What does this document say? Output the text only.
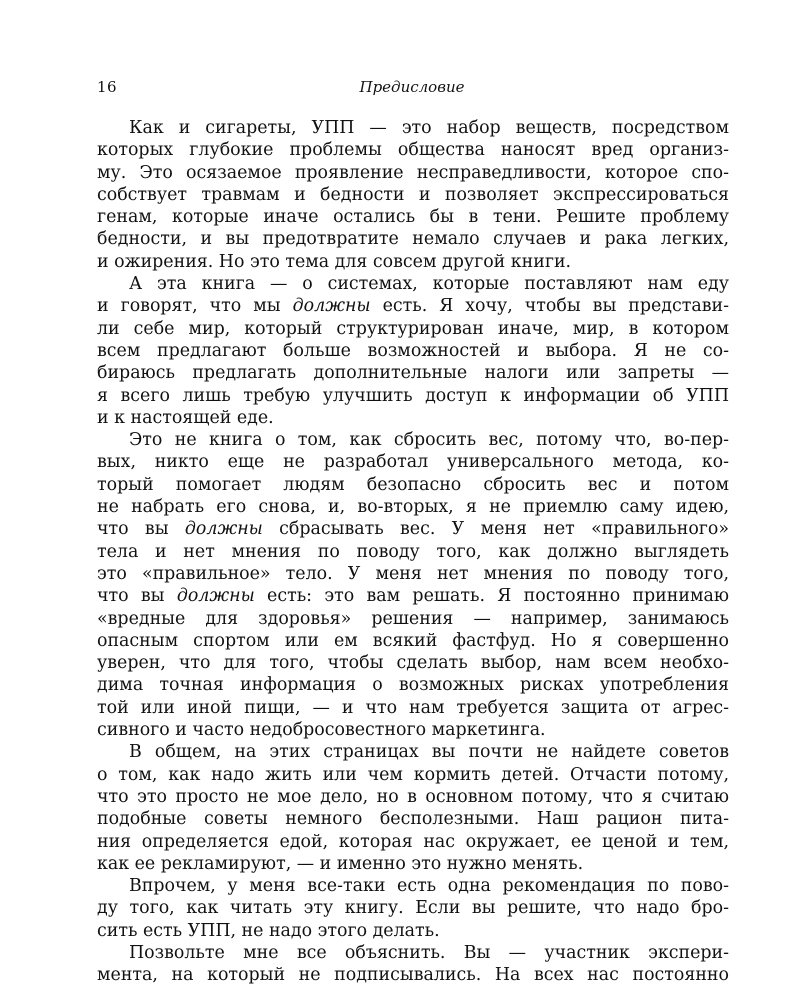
16	Предисловие
Как и сигареты, УПП — это набор веществ, посредством
которых глубокие проблемы общества наносят вред организ-
му. Это осязаемое проявление несправедливости, которое спо-
собствует травмам и бедности и позволяет экспрессироваться
генам, которые иначе остались бы в тени. Решите проблему
бедности, и вы предотвратите немало случаев и рака легких,
и ожирения. Но это тема для совсем другой книги.
А эта книга — о системах, которые поставляют нам еду
и говорят, что мы должны есть. Я хочу, чтобы вы представи-
ли себе мир, который структурирован иначе, мир, в котором
всем предлагают больше возможностей и выбора. Я не со-
бираюсь предлагать дополнительные налоги или запреты —
я всего лишь требую улучшить доступ к информации об УПП
и к настоящей еде.
Это не книга о том, как сбросить вес, потому что, во-пер-
вых, никто еще не разработал универсального метода, ко-
торый помогает людям безопасно сбросить вес и потом
не набрать его снова, и, во-вторых, я не приемлю саму идею,
что вы должны сбрасывать вес. У меня нет «правильного»
тела и нет мнения по поводу того, как должно выглядеть
это «правильное» тело. У меня нет мнения по поводу того,
что вы должны есть: это вам решать. Я постоянно принимаю
«вредные для здоровья» решения — например, занимаюсь
опасным спортом или ем всякий фастфуд. Но я совершенно
уверен, что для того, чтобы сделать выбор, нам всем необхо-
дима точная информация о возможных рисках употребления
той или иной пищи, — и что нам требуется защита от агрес-
сивного и часто недобросовестного маркетинга.
В общем, на этих страницах вы почти не найдете советов
о том, как надо жить или чем кормить детей. Отчасти потому,
что это просто не мое дело, но в основном потому, что я считаю
подобные советы немного бесполезными. Наш рацион пита-
ния определяется едой, которая нас окружает, ее ценой и тем,
как ее рекламируют, — и именно это нужно менять.
Впрочем, у меня все-таки есть одна рекомендация по пово-
ду того, как читать эту книгу. Если вы решите, что надо бро-
сить есть УПП, не надо этого делать.
Позвольте мне все объяснить. Вы — участник экспери-
мента, на который не подписывались. На всех нас постоянно
